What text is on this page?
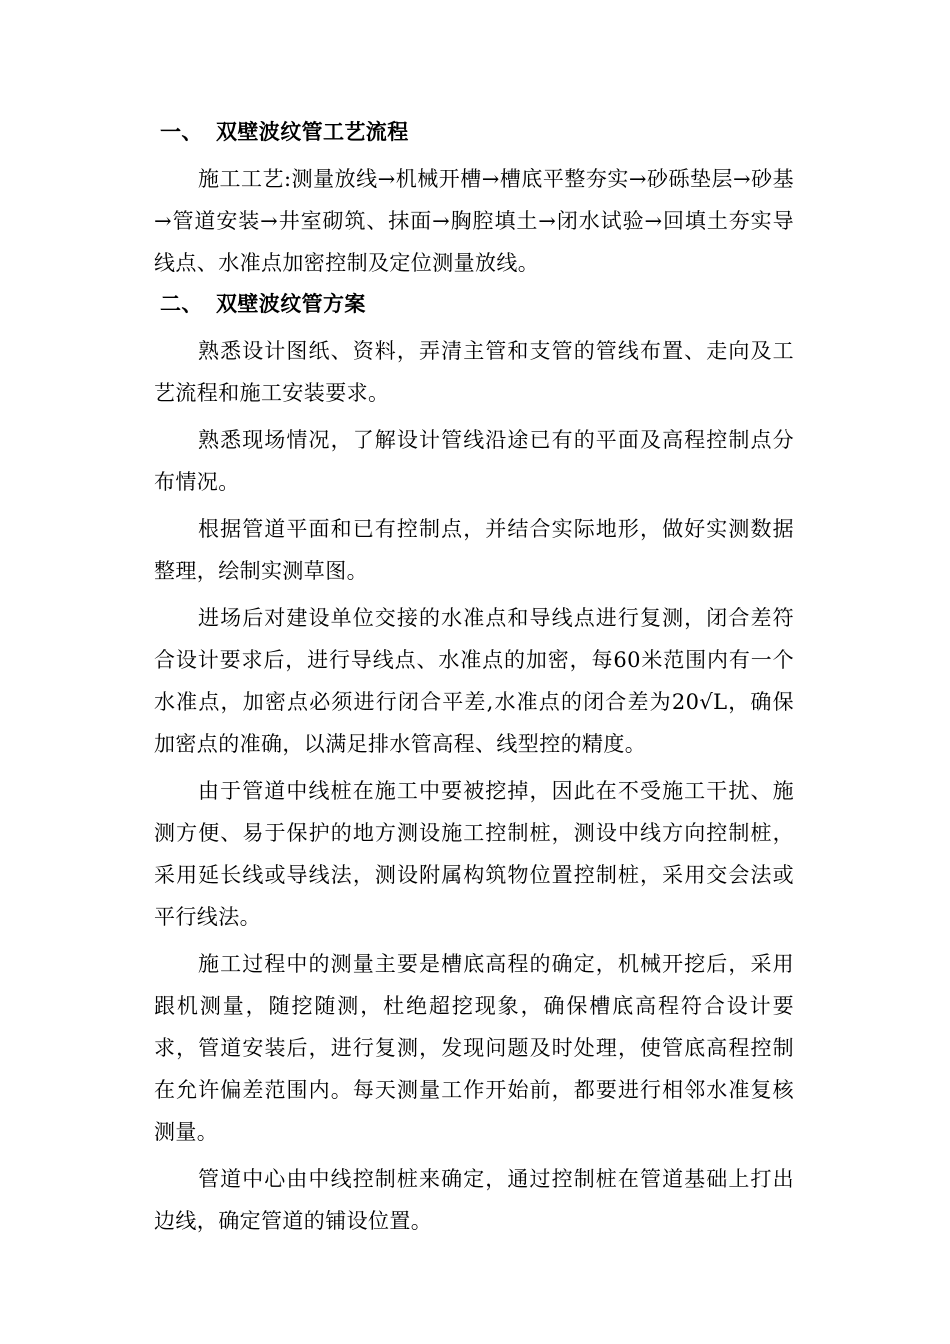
一、 双壁波纹管工艺流程

施工工艺:测量放线→机械开槽→槽底平整夯实→砂砾垫层→砂基→管道安装→井室砌筑、抹面→胸腔填土→闭水试验→回填土夯实导线点、水准点加密控制及定位测量放线。

二、 双壁波纹管方案

熟悉设计图纸、资料，弄清主管和支管的管线布置、走向及工艺流程和施工安装要求。

熟悉现场情况，了解设计管线沿途已有的平面及高程控制点分布情况。

根据管道平面和已有控制点，并结合实际地形，做好实测数据整理，绘制实测草图。

进场后对建设单位交接的水准点和导线点进行复测，闭合差符合设计要求后，进行导线点、水准点的加密，每60米范围内有一个水准点，加密点必须进行闭合平差,水准点的闭合差为20√L，确保加密点的准确，以满足排水管高程、线型控的精度。

由于管道中线桩在施工中要被挖掉，因此在不受施工干扰、施测方便、易于保护的地方测设施工控制桩，测设中线方向控制桩，采用延长线或导线法，测设附属构筑物位置控制桩，采用交会法或平行线法。

施工过程中的测量主要是槽底高程的确定，机械开挖后，采用跟机测量，随挖随测，杜绝超挖现象，确保槽底高程符合设计要求，管道安装后，进行复测，发现问题及时处理，使管底高程控制在允许偏差范围内。每天测量工作开始前，都要进行相邻水准复核测量。

管道中心由中线控制桩来确定，通过控制桩在管道基础上打出边线，确定管道的铺设位置。
